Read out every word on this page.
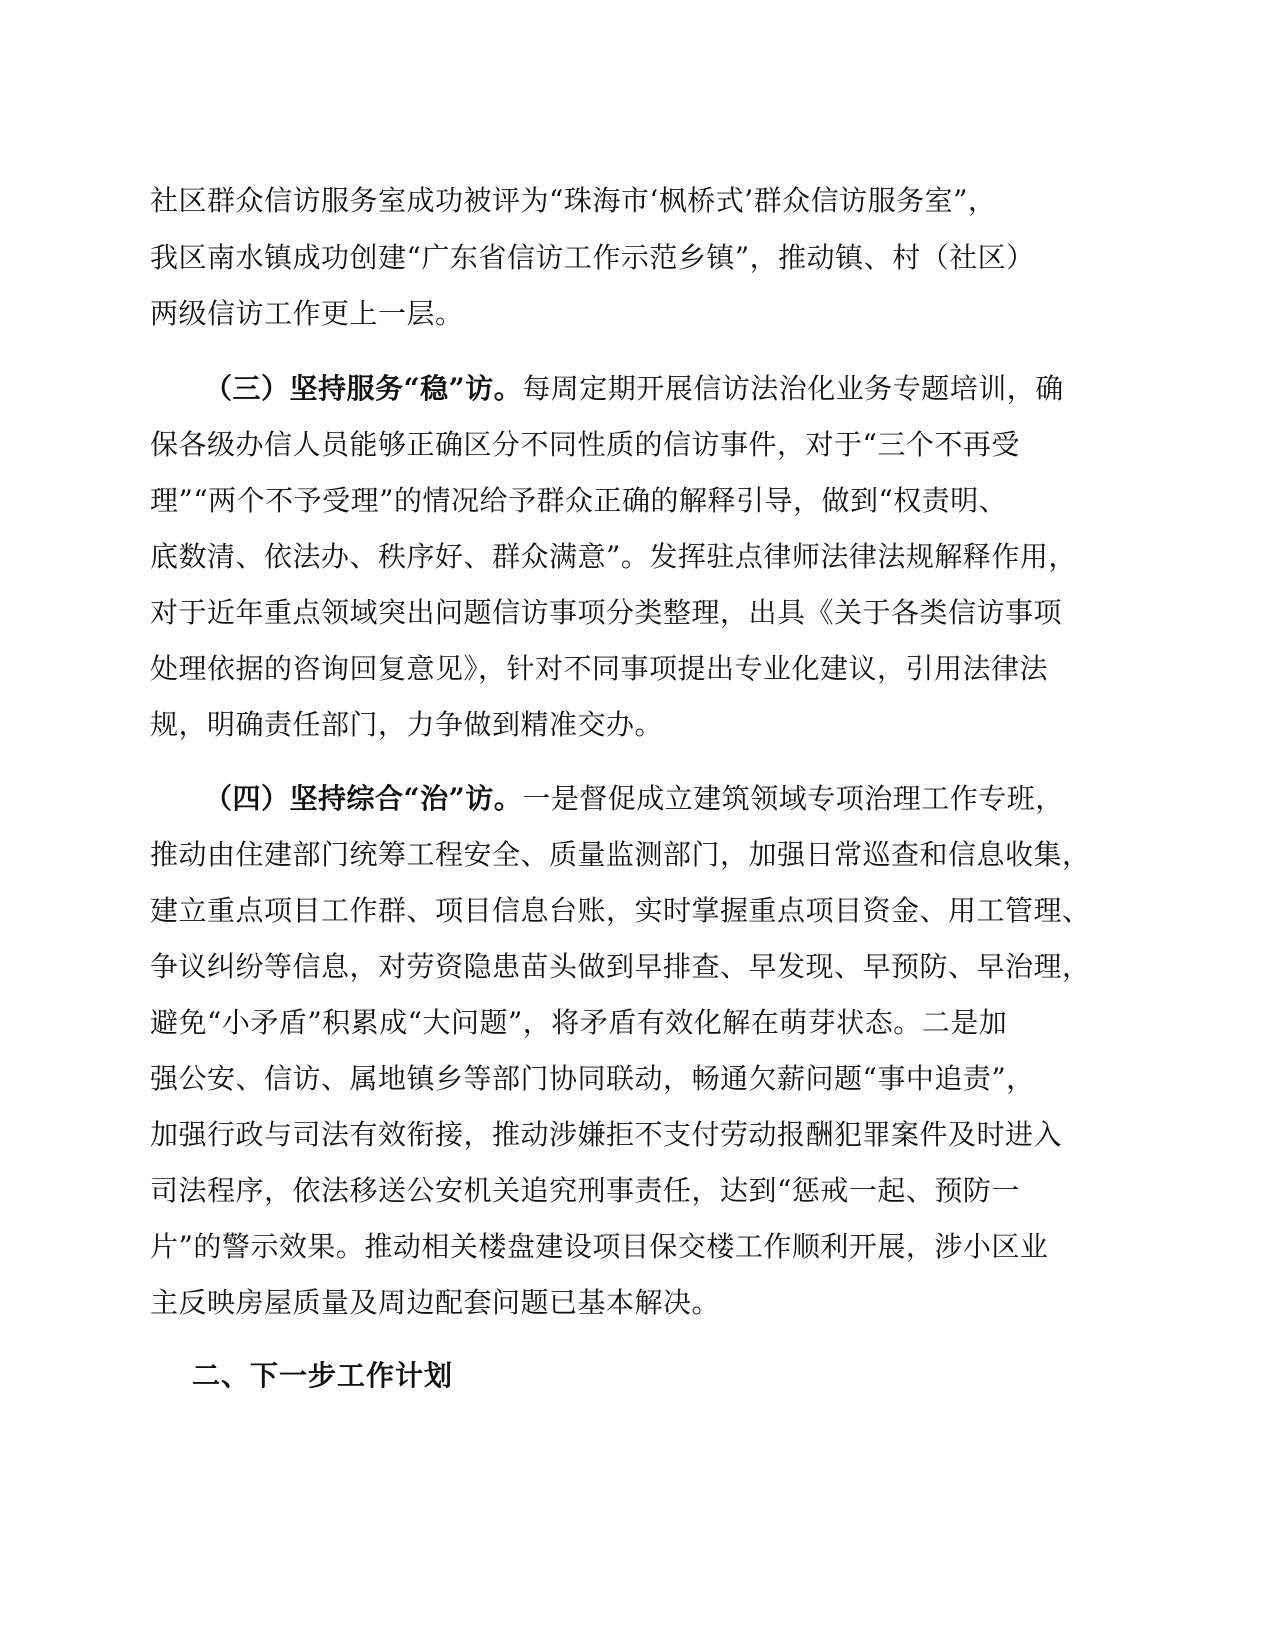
社区群众信访服务室成功被评为“珠海市‘枫桥式’群众信访服务室”，
我区南水镇成功创建“广东省信访工作示范乡镇”，推动镇、村（社区）
两级信访工作更上一层。
（三）坚持服务“稳”访。每周定期开展信访法治化业务专题培训，确
保各级办信人员能够正确区分不同性质的信访事件，对于“三个不再受
理”“两个不予受理”的情况给予群众正确的解释引导，做到“权责明、
底数清、依法办、秩序好、群众满意”。发挥驻点律师法律法规解释作用，
对于近年重点领域突出问题信访事项分类整理，出具《关于各类信访事项
处理依据的咨询回复意见》，针对不同事项提出专业化建议，引用法律法
规，明确责任部门，力争做到精准交办。
（四）坚持综合“治”访。一是督促成立建筑领域专项治理工作专班，
推动由住建部门统筹工程安全、质量监测部门，加强日常巡查和信息收集，
建立重点项目工作群、项目信息台账，实时掌握重点项目资金、用工管理、
争议纠纷等信息，对劳资隐患苗头做到早排查、早发现、早预防、早治理，
避免“小矛盾”积累成“大问题”，将矛盾有效化解在萌芽状态。二是加
强公安、信访、属地镇乡等部门协同联动，畅通欠薪问题“事中追责”，
加强行政与司法有效衔接，推动涉嫌拒不支付劳动报酬犯罪案件及时进入
司法程序，依法移送公安机关追究刑事责任，达到“惩戒一起、预防一
片”的警示效果。推动相关楼盘建设项目保交楼工作顺利开展，涉小区业
主反映房屋质量及周边配套问题已基本解决。
二、下一步工作计划
